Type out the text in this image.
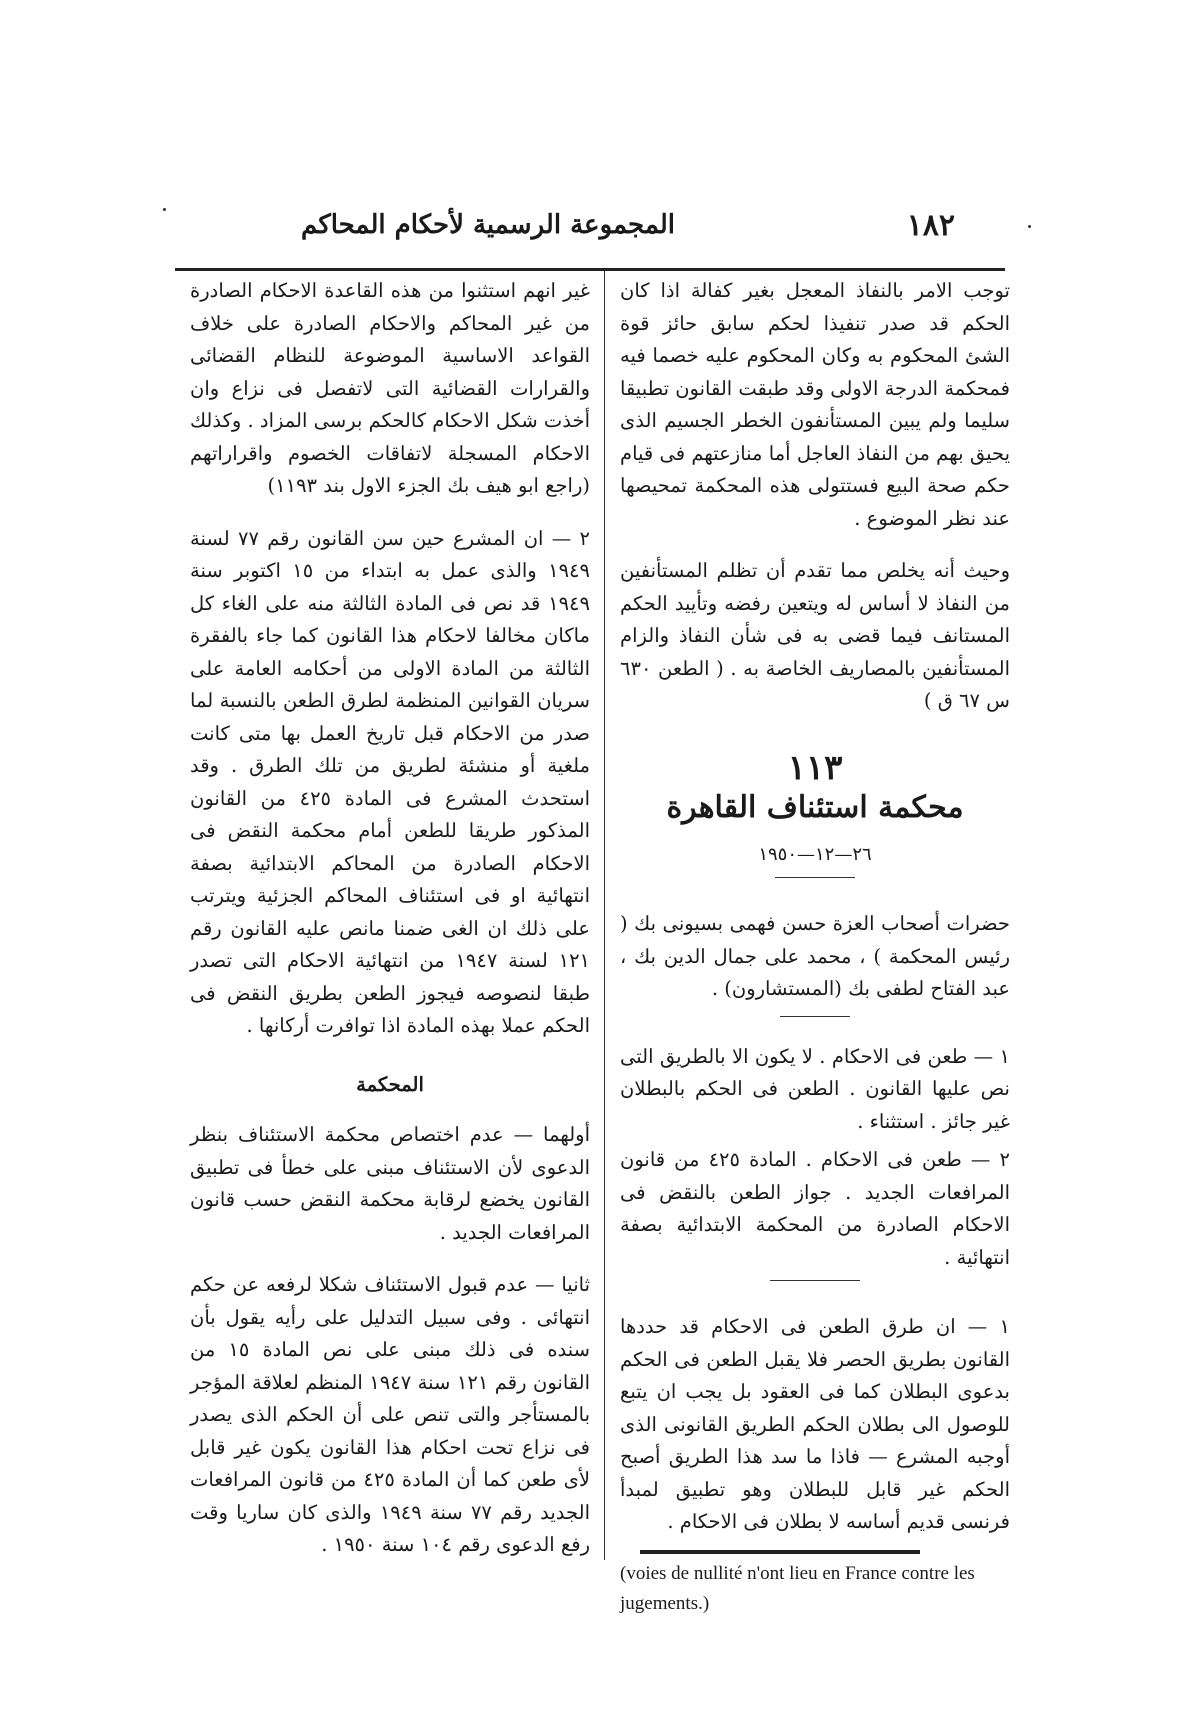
١٨٢
المجموعة الرسمية لأحكام المحاكم

توجب الامر بالنفاذ المعجل بغير كفالة اذا كان الحكم قد صدر تنفيذا لحكم سابق حائز قوة الشئ المحكوم به وكان المحكوم عليه خصما فيه فمحكمة الدرجة الاولى وقد طبقت القانون تطبيقا سليما ولم يبين المستأنفون الخطر الجسيم الذى يحيق بهم من النفاذ العاجل أما منازعتهم فى قيام حكم صحة البيع فستتولى هذه المحكمة تمحيصها عند نظر الموضوع .

وحيث أنه يخلص مما تقدم أن تظلم المستأنفين من النفاذ لا أساس له ويتعين رفضه وتأييد الحكم المستانف فيما قضى به فى شأن النفاذ والزام المستأنفين بالمصاريف الخاصة به . ( الطعن ٦٣٠ س ٦٧ ق )

١١٣
محكمة استئناف القاهرة
٢٦—١٢—١٩٥٠

حضرات أصحاب العزة حسن فهمى بسيونى بك ( رئيس المحكمة ) ، محمد على جمال الدين بك ، عبد الفتاح لطفى بك (المستشارون) .

١ — طعن فى الاحكام . لا يكون الا بالطريق التى نص عليها القانون . الطعن فى الحكم بالبطلان غير جائز . استثناء .

٢ — طعن فى الاحكام . المادة ٤٢٥ من قانون المرافعات الجديد . جواز الطعن بالنقض فى الاحكام الصادرة من المحكمة الابتدائية بصفة انتهائية .

١ — ان طرق الطعن فى الاحكام قد حددها القانون بطريق الحصر فلا يقبل الطعن فى الحكم بدعوى البطلان كما فى العقود بل يجب ان يتبع للوصول الى بطلان الحكم الطريق القانونى الذى أوجبه المشرع — فاذا ما سد هذا الطريق أصبح الحكم غير قابل للبطلان وهو تطبيق لمبدأ فرنسى قديم أساسه لا بطلان فى الاحكام .

(voies de nullité n'ont lieu en France contre les jugements.)

غير انهم استثنوا من هذه القاعدة الاحكام الصادرة من غير المحاكم والاحكام الصادرة على خلاف القواعد الاساسية الموضوعة للنظام القضائى والقرارات القضائية التى لاتفصل فى نزاع وان أخذت شكل الاحكام كالحكم برسى المزاد . وكذلك الاحكام المسجلة لاتفاقات الخصوم واقراراتهم (راجع ابو هيف بك الجزء الاول بند ١١٩٣)

٢ — ان المشرع حين سن القانون رقم ٧٧ لسنة ١٩٤٩ والذى عمل به ابتداء من ١٥ اكتوبر سنة ١٩٤٩ قد نص فى المادة الثالثة منه على الغاء كل ماكان مخالفا لاحكام هذا القانون كما جاء بالفقرة الثالثة من المادة الاولى من أحكامه العامة على سريان القوانين المنظمة لطرق الطعن بالنسبة لما صدر من الاحكام قبل تاريخ العمل بها متى كانت ملغية أو منشئة لطريق من تلك الطرق . وقد استحدث المشرع فى المادة ٤٢٥ من القانون المذكور طريقا للطعن أمام محكمة النقض فى الاحكام الصادرة من المحاكم الابتدائية بصفة انتهائية او فى استئناف المحاكم الجزئية ويترتب على ذلك ان الغى ضمنا مانص عليه القانون رقم ١٢١ لسنة ١٩٤٧ من انتهائية الاحكام التى تصدر طبقا لنصوصه فيجوز الطعن بطريق النقض فى الحكم عملا بهذه المادة اذا توافرت أركانها .

المحكمة

أولهما — عدم اختصاص محكمة الاستئناف بنظر الدعوى لأن الاستئناف مبنى على خطأ فى تطبيق القانون يخضع لرقابة محكمة النقض حسب قانون المرافعات الجديد .

ثانيا — عدم قبول الاستئناف شكلا لرفعه عن حكم انتهائى . وفى سبيل التدليل على رأيه يقول بأن سنده فى ذلك مبنى على نص المادة ١٥ من القانون رقم ١٢١ سنة ١٩٤٧ المنظم لعلاقة المؤجر بالمستأجر والتى تنص على أن الحكم الذى يصدر فى نزاع تحت احكام هذا القانون يكون غير قابل لأى طعن كما أن المادة ٤٢٥ من قانون المرافعات الجديد رقم ٧٧ سنة ١٩٤٩ والذى كان ساريا وقت رفع الدعوى رقم ١٠٤ سنة ١٩٥٠ .
